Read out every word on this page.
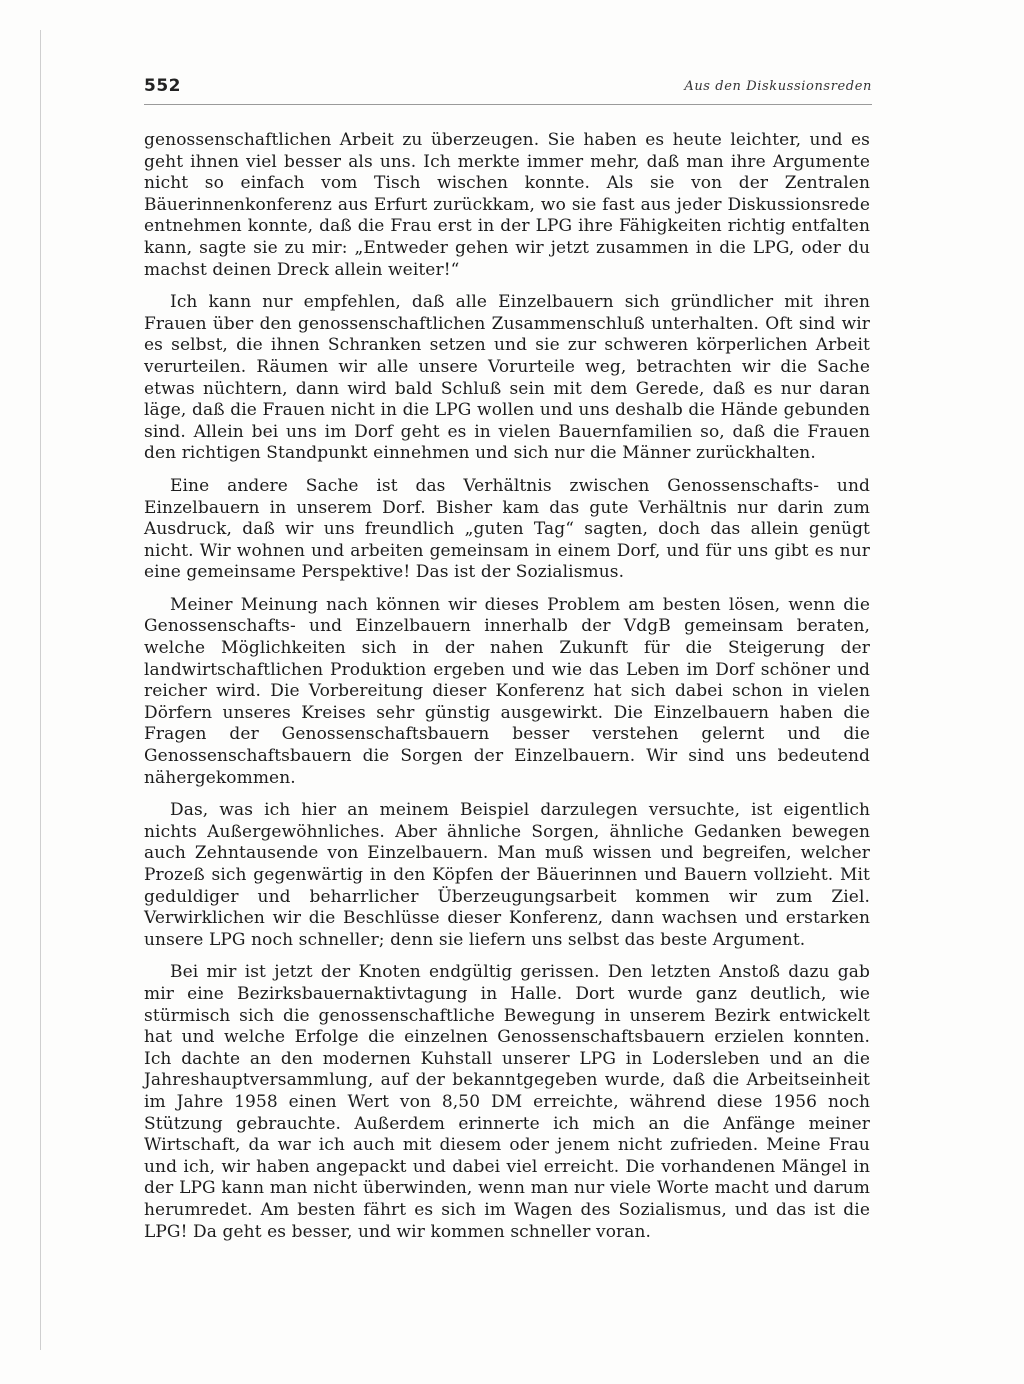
552	Aus den Diskussionsreden

genossenschaftlichen Arbeit zu überzeugen. Sie haben es heute leichter, und es geht ihnen viel besser als uns. Ich merkte immer mehr, daß man ihre Argumente nicht so einfach vom Tisch wischen konnte. Als sie von der Zentralen Bäuerinnenkonferenz aus Erfurt zurückkam, wo sie fast aus jeder Diskussionsrede entnehmen konnte, daß die Frau erst in der LPG ihre Fähigkeiten richtig entfalten kann, sagte sie zu mir: „Entweder gehen wir jetzt zusammen in die LPG, oder du machst deinen Dreck allein weiter!“

Ich kann nur empfehlen, daß alle Einzelbauern sich gründlicher mit ihren Frauen über den genossenschaftlichen Zusammenschluß unterhalten. Oft sind wir es selbst, die ihnen Schranken setzen und sie zur schweren körperlichen Arbeit verurteilen. Räumen wir alle unsere Vorurteile weg, betrachten wir die Sache etwas nüchtern, dann wird bald Schluß sein mit dem Gerede, daß es nur daran läge, daß die Frauen nicht in die LPG wollen und uns deshalb die Hände gebunden sind. Allein bei uns im Dorf geht es in vielen Bauernfamilien so, daß die Frauen den richtigen Standpunkt einnehmen und sich nur die Männer zurückhalten.

Eine andere Sache ist das Verhältnis zwischen Genossenschafts- und Einzelbauern in unserem Dorf. Bisher kam das gute Verhältnis nur darin zum Ausdruck, daß wir uns freundlich „guten Tag“ sagten, doch das allein genügt nicht. Wir wohnen und arbeiten gemeinsam in einem Dorf, und für uns gibt es nur eine gemeinsame Perspektive! Das ist der Sozialismus.

Meiner Meinung nach können wir dieses Problem am besten lösen, wenn die Genossenschafts- und Einzelbauern innerhalb der VdgB gemeinsam beraten, welche Möglichkeiten sich in der nahen Zukunft für die Steigerung der landwirtschaftlichen Produktion ergeben und wie das Leben im Dorf schöner und reicher wird. Die Vorbereitung dieser Konferenz hat sich dabei schon in vielen Dörfern unseres Kreises sehr günstig ausgewirkt. Die Einzelbauern haben die Fragen der Genossenschaftsbauern besser verstehen gelernt und die Genossenschaftsbauern die Sorgen der Einzelbauern. Wir sind uns bedeutend nähergekommen.

Das, was ich hier an meinem Beispiel darzulegen versuchte, ist eigentlich nichts Außergewöhnliches. Aber ähnliche Sorgen, ähnliche Gedanken bewegen auch Zehntausende von Einzelbauern. Man muß wissen und begreifen, welcher Prozeß sich gegenwärtig in den Köpfen der Bäuerinnen und Bauern vollzieht. Mit geduldiger und beharrlicher Überzeugungsarbeit kommen wir zum Ziel. Verwirklichen wir die Beschlüsse dieser Konferenz, dann wachsen und erstarken unsere LPG noch schneller; denn sie liefern uns selbst das beste Argument.

Bei mir ist jetzt der Knoten endgültig gerissen. Den letzten Anstoß dazu gab mir eine Bezirksbauernaktivtagung in Halle. Dort wurde ganz deutlich, wie stürmisch sich die genossenschaftliche Bewegung in unserem Bezirk entwickelt hat und welche Erfolge die einzelnen Genossenschaftsbauern erzielen konnten. Ich dachte an den modernen Kuhstall unserer LPG in Lodersleben und an die Jahreshauptversammlung, auf der bekanntgegeben wurde, daß die Arbeitseinheit im Jahre 1958 einen Wert von 8,50 DM erreichte, während diese 1956 noch Stützung gebrauchte. Außerdem erinnerte ich mich an die Anfänge meiner Wirtschaft, da war ich auch mit diesem oder jenem nicht zufrieden. Meine Frau und ich, wir haben angepackt und dabei viel erreicht. Die vorhandenen Mängel in der LPG kann man nicht überwinden, wenn man nur viele Worte macht und darum herumredet. Am besten fährt es sich im Wagen des Sozialismus, und das ist die LPG! Da geht es besser, und wir kommen schneller voran.
